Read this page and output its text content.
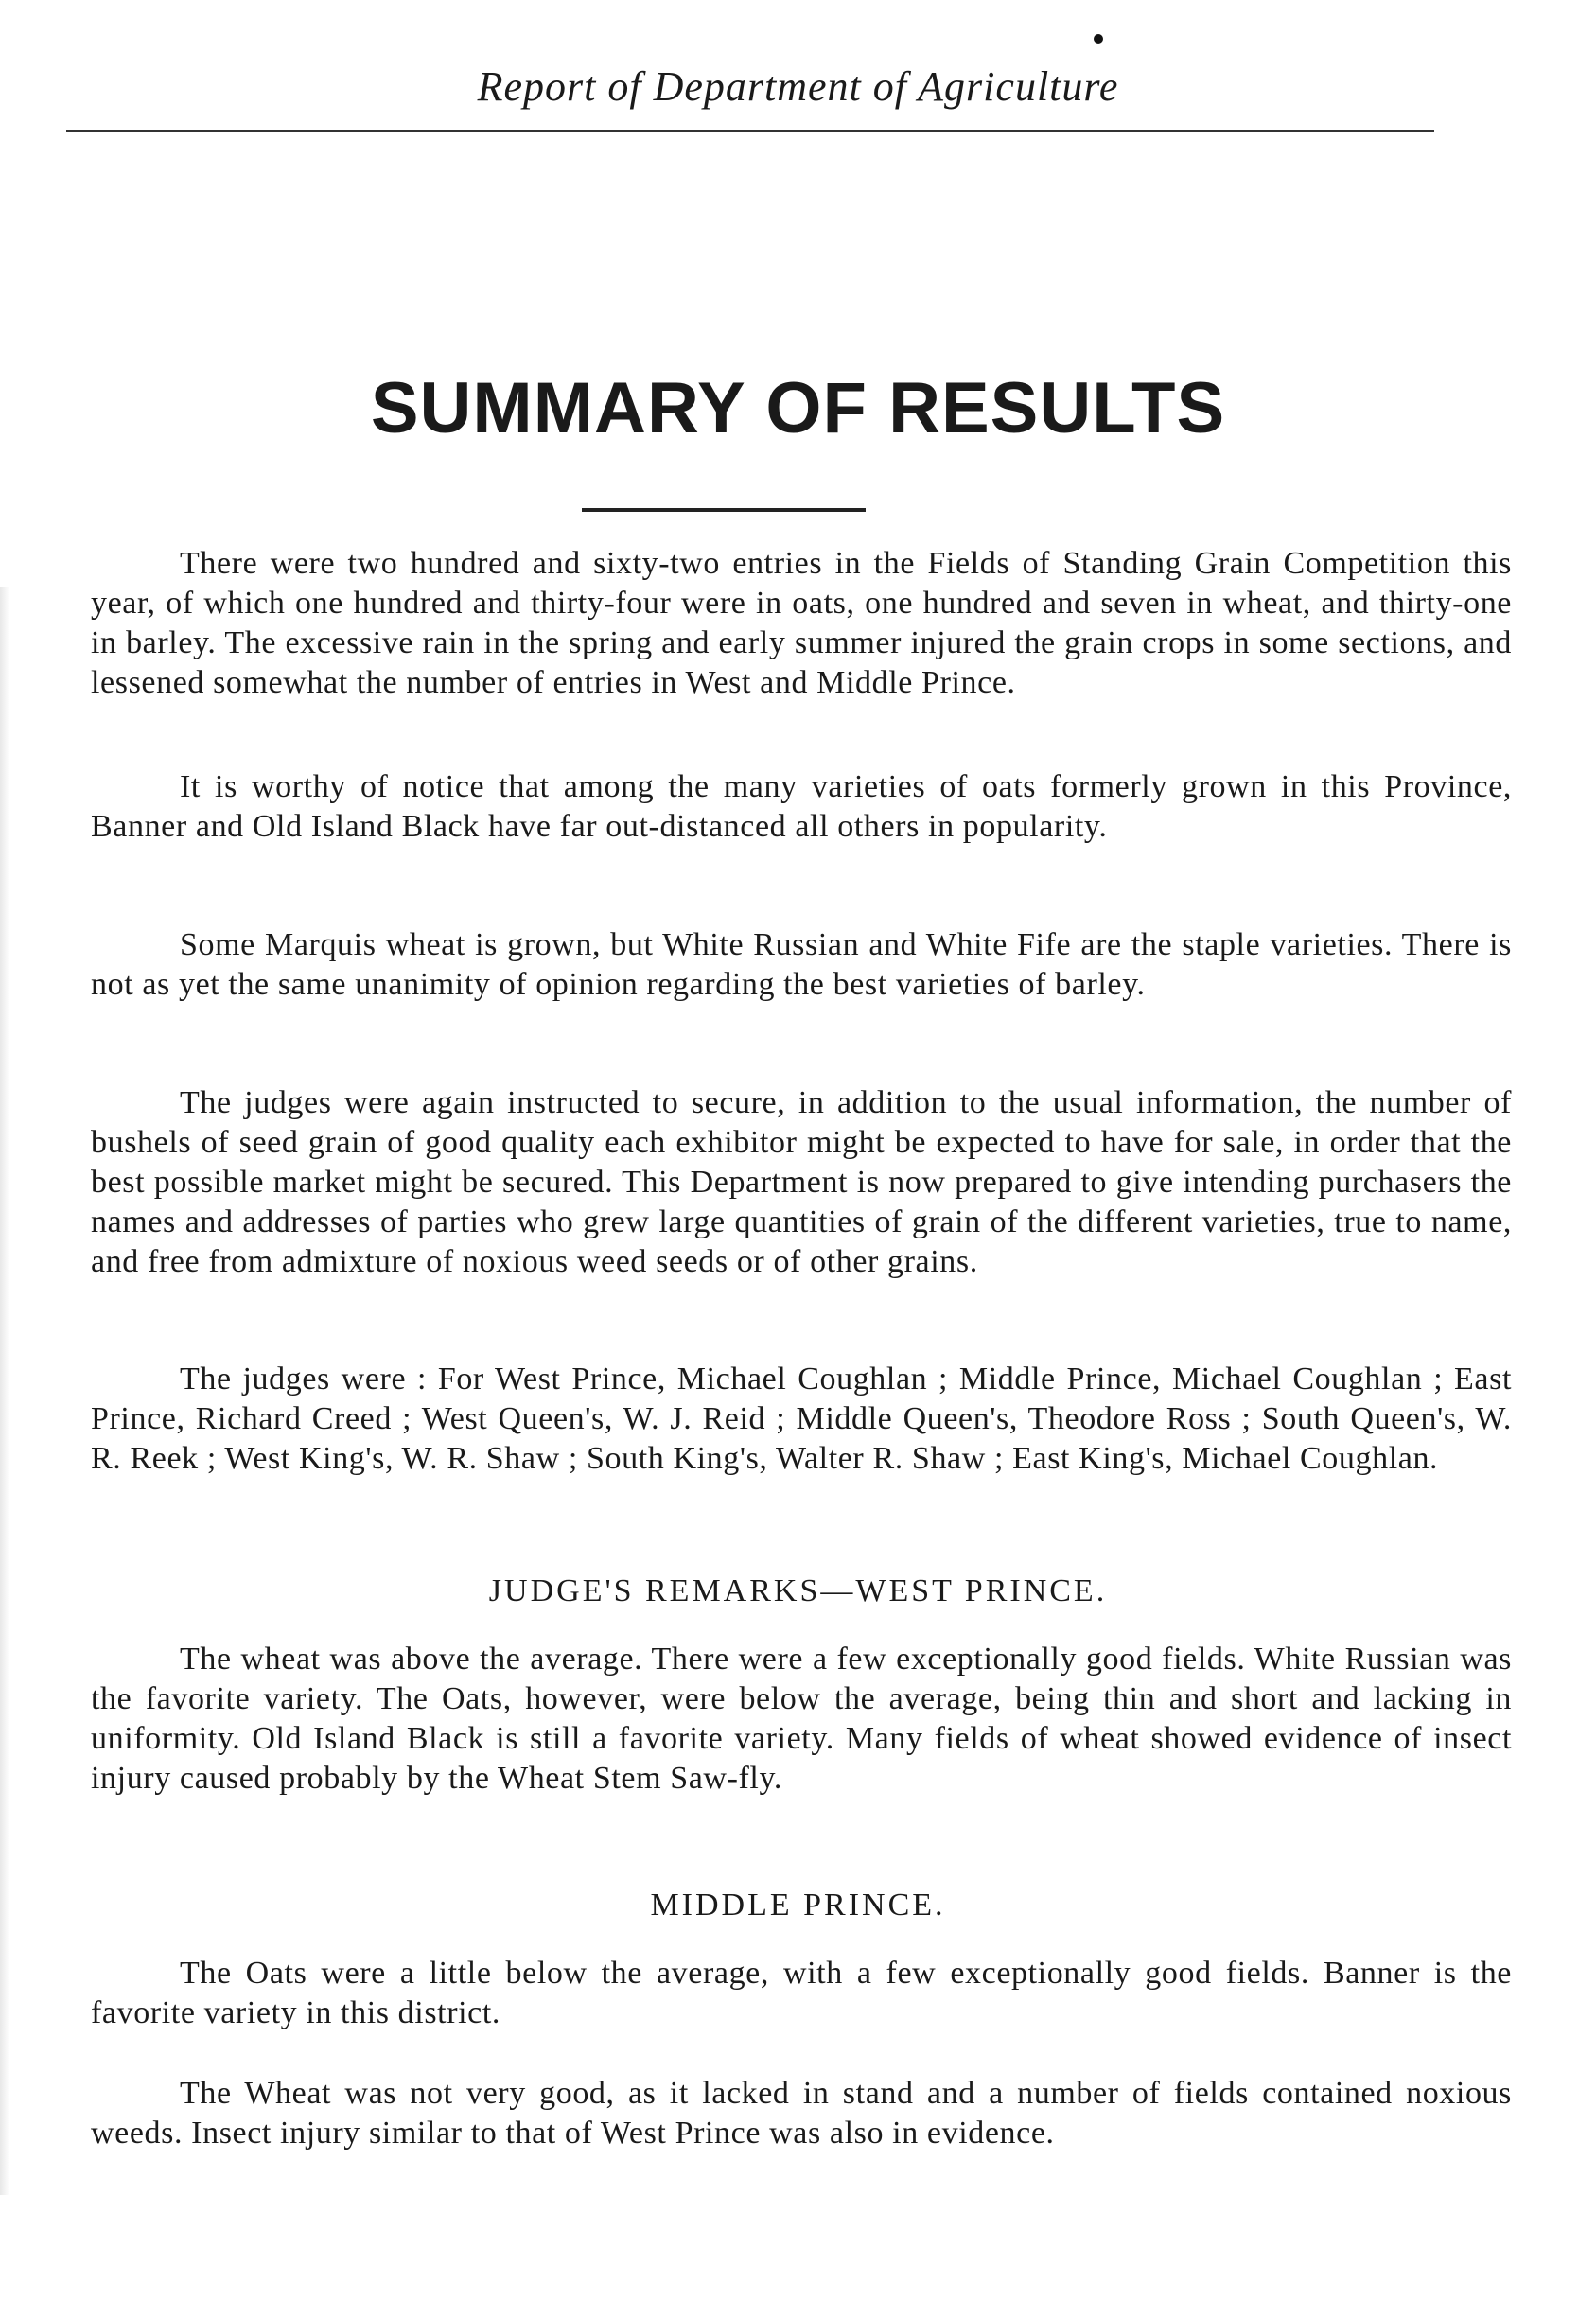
Report of Department of Agriculture
SUMMARY OF RESULTS

There were two hundred and sixty-two entries in the Fields of Standing Grain Competition this year, of which one hundred and thirty-four were in oats, one hundred and seven in wheat, and thirty-one in barley. The excessive rain in the spring and early summer injured the grain crops in some sections, and lessened somewhat the number of entries in West and Middle Prince.

It is worthy of notice that among the many varieties of oats formerly grown in this Province, Banner and Old Island Black have far out-distanced all others in popularity.

Some Marquis wheat is grown, but White Russian and White Fife are the staple varieties. There is not as yet the same unanimity of opinion regarding the best varieties of barley.

The judges were again instructed to secure, in addition to the usual information, the number of bushels of seed grain of good quality each exhibitor might be expected to have for sale, in order that the best possible market might be secured. This Department is now prepared to give intending purchasers the names and addresses of parties who grew large quantities of grain of the different varieties, true to name, and free from admixture of noxious weed seeds or of other grains.

The judges were : For West Prince, Michael Coughlan ; Middle Prince, Michael Coughlan ; East Prince, Richard Creed ; West Queen's, W. J. Reid ; Middle Queen's, Theodore Ross ; South Queen's, W. R. Reek ; West King's, W. R. Shaw ; South King's, Walter R. Shaw ; East King's, Michael Coughlan.

JUDGE'S REMARKS—WEST PRINCE.

The wheat was above the average. There were a few exceptionally good fields. White Russian was the favorite variety. The Oats, however, were below the average, being thin and short and lacking in uniformity. Old Island Black is still a favorite variety. Many fields of wheat showed evidence of insect injury caused probably by the Wheat Stem Saw-fly.

MIDDLE PRINCE.

The Oats were a little below the average, with a few exceptionally good fields. Banner is the favorite variety in this district.

The Wheat was not very good, as it lacked in stand and a number of fields contained noxious weeds. Insect injury similar to that of West Prince was also in evidence.
